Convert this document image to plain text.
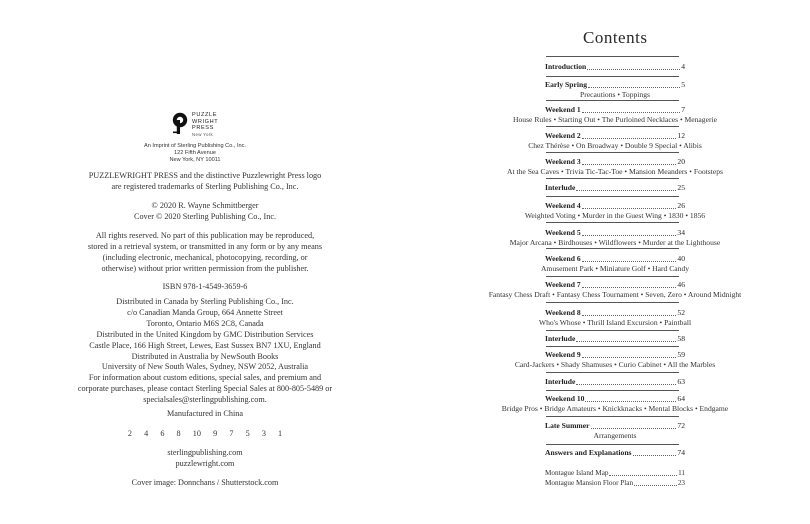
PUZZLE
WRIGHT
PRESS
New York
An Imprint of Sterling Publishing Co., Inc.
122 Fifth Avenue
New York, NY 10011

PUZZLEWRIGHT PRESS and the distinctive Puzzlewright Press logo

are registered trademarks of Sterling Publishing Co., Inc.

© 2020 R. Wayne Schmittberger

Cover © 2020 Sterling Publishing Co., Inc.

All rights reserved. No part of this publication may be reproduced,

stored in a retrieval system, or transmitted in any form or by any means

(including electronic, mechanical, photocopying, recording, or

otherwise) without prior written permission from the publisher.

ISBN 978-1-4549-3659-6

Distributed in Canada by Sterling Publishing Co., Inc.

c/o Canadian Manda Group, 664 Annette Street

Toronto, Ontario M6S 2C8, Canada

Distributed in the United Kingdom by GMC Distribution Services

Castle Place, 166 High Street, Lewes, East Sussex BN7 1XU, England

Distributed in Australia by NewSouth Books

University of New South Wales, Sydney, NSW 2052, Australia

For information about custom editions, special sales, and premium and

corporate purchases, please contact Sterling Special Sales at 800-805-5489 or

specialsales@sterlingpublishing.com.

Manufactured in China

2   4   6   8   10   9   7   5   3   1

sterlingpublishing.com

puzzlewright.com

Cover image: Donnchans / Shutterstock.com

Contents
Introduction	4
Early Spring	5
Precautions • Toppings
Weekend 1	7
House Rules • Starting Out • The Purloined Necklaces • Menagerie
Weekend 2	12
Chez Thérèse • On Broadway • Double 9 Special • Alibis
Weekend 3	20
At the Sea Caves • Trivia Tic-Tac-Toe • Mansion Meanders • Footsteps
Interlude	25
Weekend 4	26
Weighted Voting • Murder in the Guest Wing • 1830 • 1856
Weekend 5	34
Major Arcana • Birdhouses • Wildflowers • Murder at the Lighthouse
Weekend 6	40
Amusement Park • Miniature Golf • Hard Candy
Weekend 7	46
Fantasy Chess Draft • Fantasy Chess Tournament • Seven, Zero • Around Midnight
Weekend 8	52
Who's Whose • Thrill Island Excursion • Paintball
Interlude	58
Weekend 9	59
Card-Jackers • Shady Shamuses • Curio Cabinet • All the Marbles
Interlude	63
Weekend 10	64
Bridge Pros • Bridge Amateurs • Knickknacks • Mental Blocks • Endgame
Late Summer	72
Arrangements
Answers and Explanations	74
Montague Island Map	11
Montague Mansion Floor Plan	23
